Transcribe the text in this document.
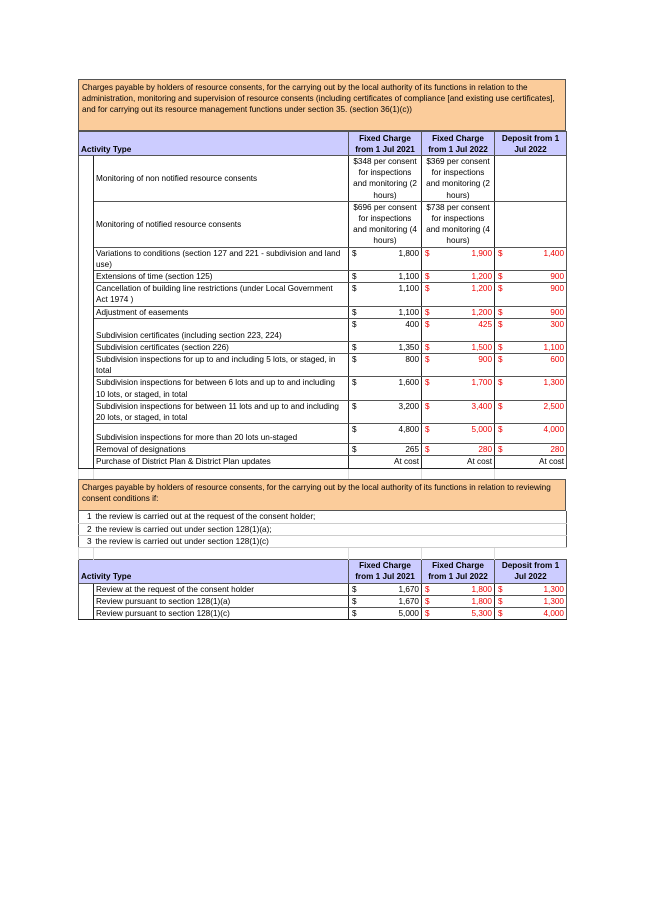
Charges payable by holders of resource consents, for the carrying out by the local authority of its functions in relation to the administration, monitoring and supervision of resource consents (including certificates of compliance [and existing use certificates], and for carrying out its resource management functions under section 35. (section 36(1)(c))
Activity Type		Fixed Charge from 1 Jul 2021	Fixed Charge from 1 Jul 2022	Deposit from 1 Jul 2022
	Monitoring of non notified resource consents	$348 per consent for inspections and monitoring (2 hours)	$369 per consent for inspections and monitoring (2 hours)	
	Monitoring of notified resource consents	$696 per consent for inspections and monitoring (4 hours)	$738 per consent for inspections and monitoring (4 hours)	
	Variations to conditions (section 127 and 221 - subdivision and land use)	$ 1,800	$ 1,900	$ 1,400

	Extensions of time (section 125)	$ 1,100	$ 1,200	$ 900

	Cancellation of building line restrictions (under Local Government Act 1974 )	$ 1,100	$ 1,200	$ 900

	Adjustment of easements	$ 1,100	$ 1,200	$ 900

	Subdivision certificates (including section 223, 224)	$ 400	$ 425	$ 300

	Subdivision certificates (section 226)	$ 1,350	$ 1,500	$ 1,100

	Subdivision inspections for up to and including 5 lots, or staged, in total	$ 800	$ 900	$ 600

	Subdivision inspections for between 6 lots and up to and including 10 lots, or staged, in total	$ 1,600	$ 1,700	$ 1,300

	Subdivision inspections for between 11 lots and up to and including 20 lots, or staged, in total	$ 3,200	$ 3,400	$ 2,500

	Subdivision inspections for more than 20 lots un-staged	$ 4,800	$ 5,000	$ 4,000

	Removal of designations	$ 265	$ 280	$ 280

	Purchase of District Plan & District Plan updates	At cost	At cost	At cost

Charges payable by holders of resource consents, for the carrying out by the local authority of its functions in relation to reviewing consent conditions if:
1	the review is carried out at the request of the consent holder;
2	the review is carried out under section 128(1)(a);
3	the review is carried out under section 128(1)(c)

Activity Type		Fixed Charge from 1 Jul 2021	Fixed Charge from 1 Jul 2022	Deposit from 1 Jul 2022
	Review at the request of the consent holder	$ 1,670	$ 1,800	$ 1,300

	Review pursuant to section 128(1)(a)	$ 1,670	$ 1,800	$ 1,300

	Review pursuant to section 128(1)(c)	$ 5,000	$ 5,300	$ 4,000
